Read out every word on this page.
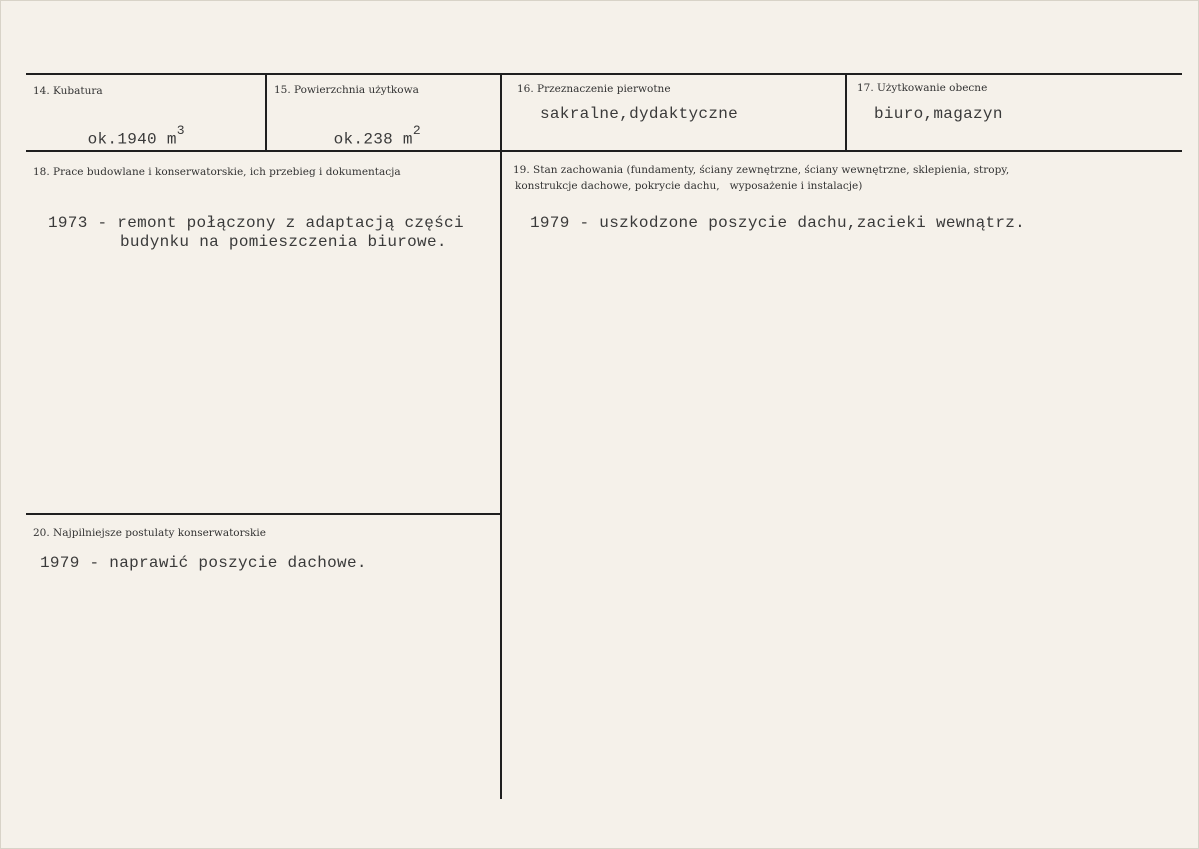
14. Kubatura

ok.1940 $m^3$

15. Powierzchnia użytkowa

ok.238 $m^2$

16. Przeznaczenie pierwotne
sakralne,dydaktyczne
17. Użytkowanie obecne
biuro,magazyn
18. Prace budowlane i konserwatorskie, ich przebieg i dokumentacja
1973 - remont połączony z adaptacją części
budynku na pomieszczenia biurowe.
19. Stan zachowania (fundamenty, ściany zewnętrzne, ściany wewnętrzne, sklepienia, stropy,
konstrukcje dachowe, pokrycie dachu,   wyposażenie i instalacje)
1979 - uszkodzone poszycie dachu,zacieki wewnątrz.
20. Najpilniejsze postulaty konserwatorskie
1979 - naprawić poszycie dachowe.
